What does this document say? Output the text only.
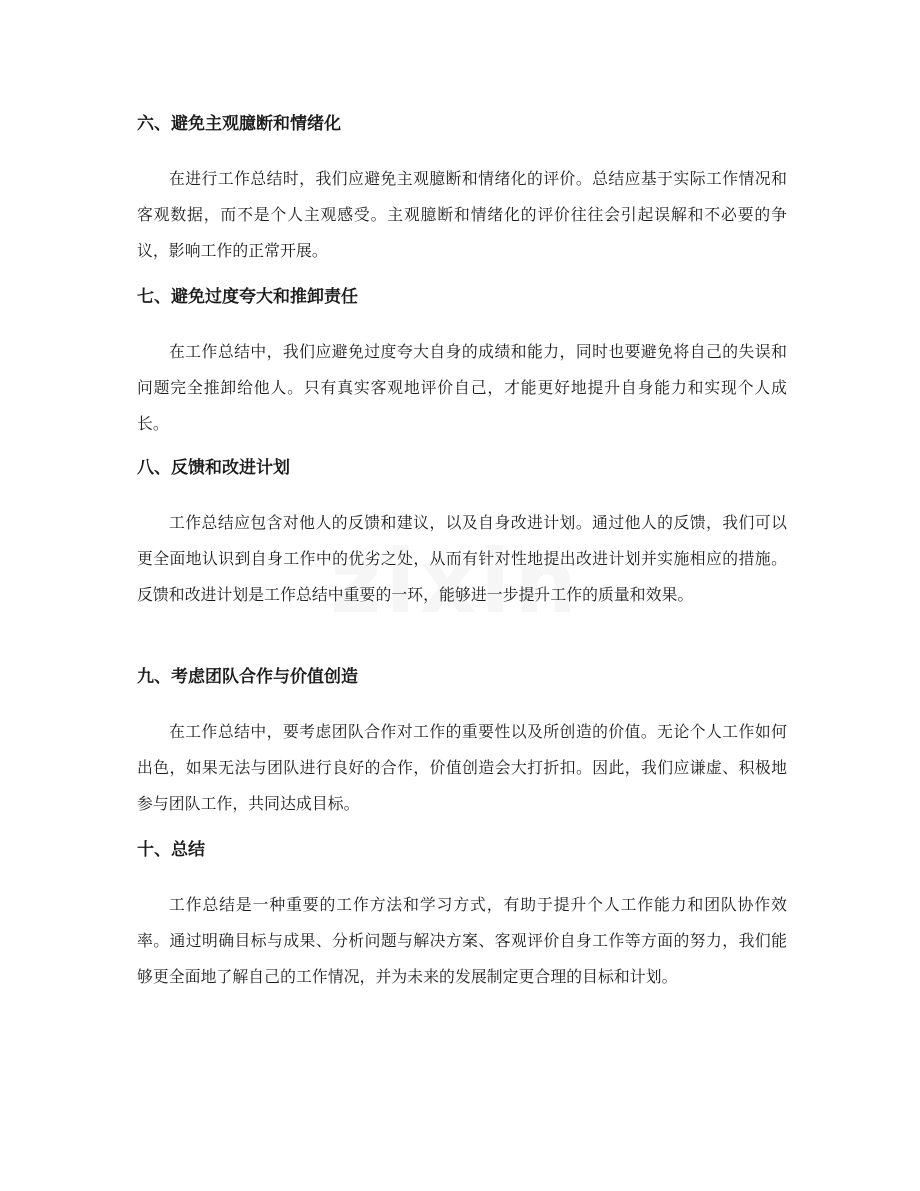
六、避免主观臆断和情绪化

在进行工作总结时，我们应避免主观臆断和情绪化的评价。总结应基于实际工作情况和客观数据，而不是个人主观感受。主观臆断和情绪化的评价往往会引起误解和不必要的争议，影响工作的正常开展。

七、避免过度夸大和推卸责任

在工作总结中，我们应避免过度夸大自身的成绩和能力，同时也要避免将自己的失误和问题完全推卸给他人。只有真实客观地评价自己，才能更好地提升自身能力和实现个人成长。

八、反馈和改进计划

工作总结应包含对他人的反馈和建议，以及自身改进计划。通过他人的反馈，我们可以更全面地认识到自身工作中的优劣之处，从而有针对性地提出改进计划并实施相应的措施。反馈和改进计划是工作总结中重要的一环，能够进一步提升工作的质量和效果。

九、考虑团队合作与价值创造

在工作总结中，要考虑团队合作对工作的重要性以及所创造的价值。无论个人工作如何出色，如果无法与团队进行良好的合作，价值创造会大打折扣。因此，我们应谦虚、积极地参与团队工作，共同达成目标。

十、总结

工作总结是一种重要的工作方法和学习方式，有助于提升个人工作能力和团队协作效率。通过明确目标与成果、分析问题与解决方案、客观评价自身工作等方面的努力，我们能够更全面地了解自己的工作情况，并为未来的发展制定更合理的目标和计划。
